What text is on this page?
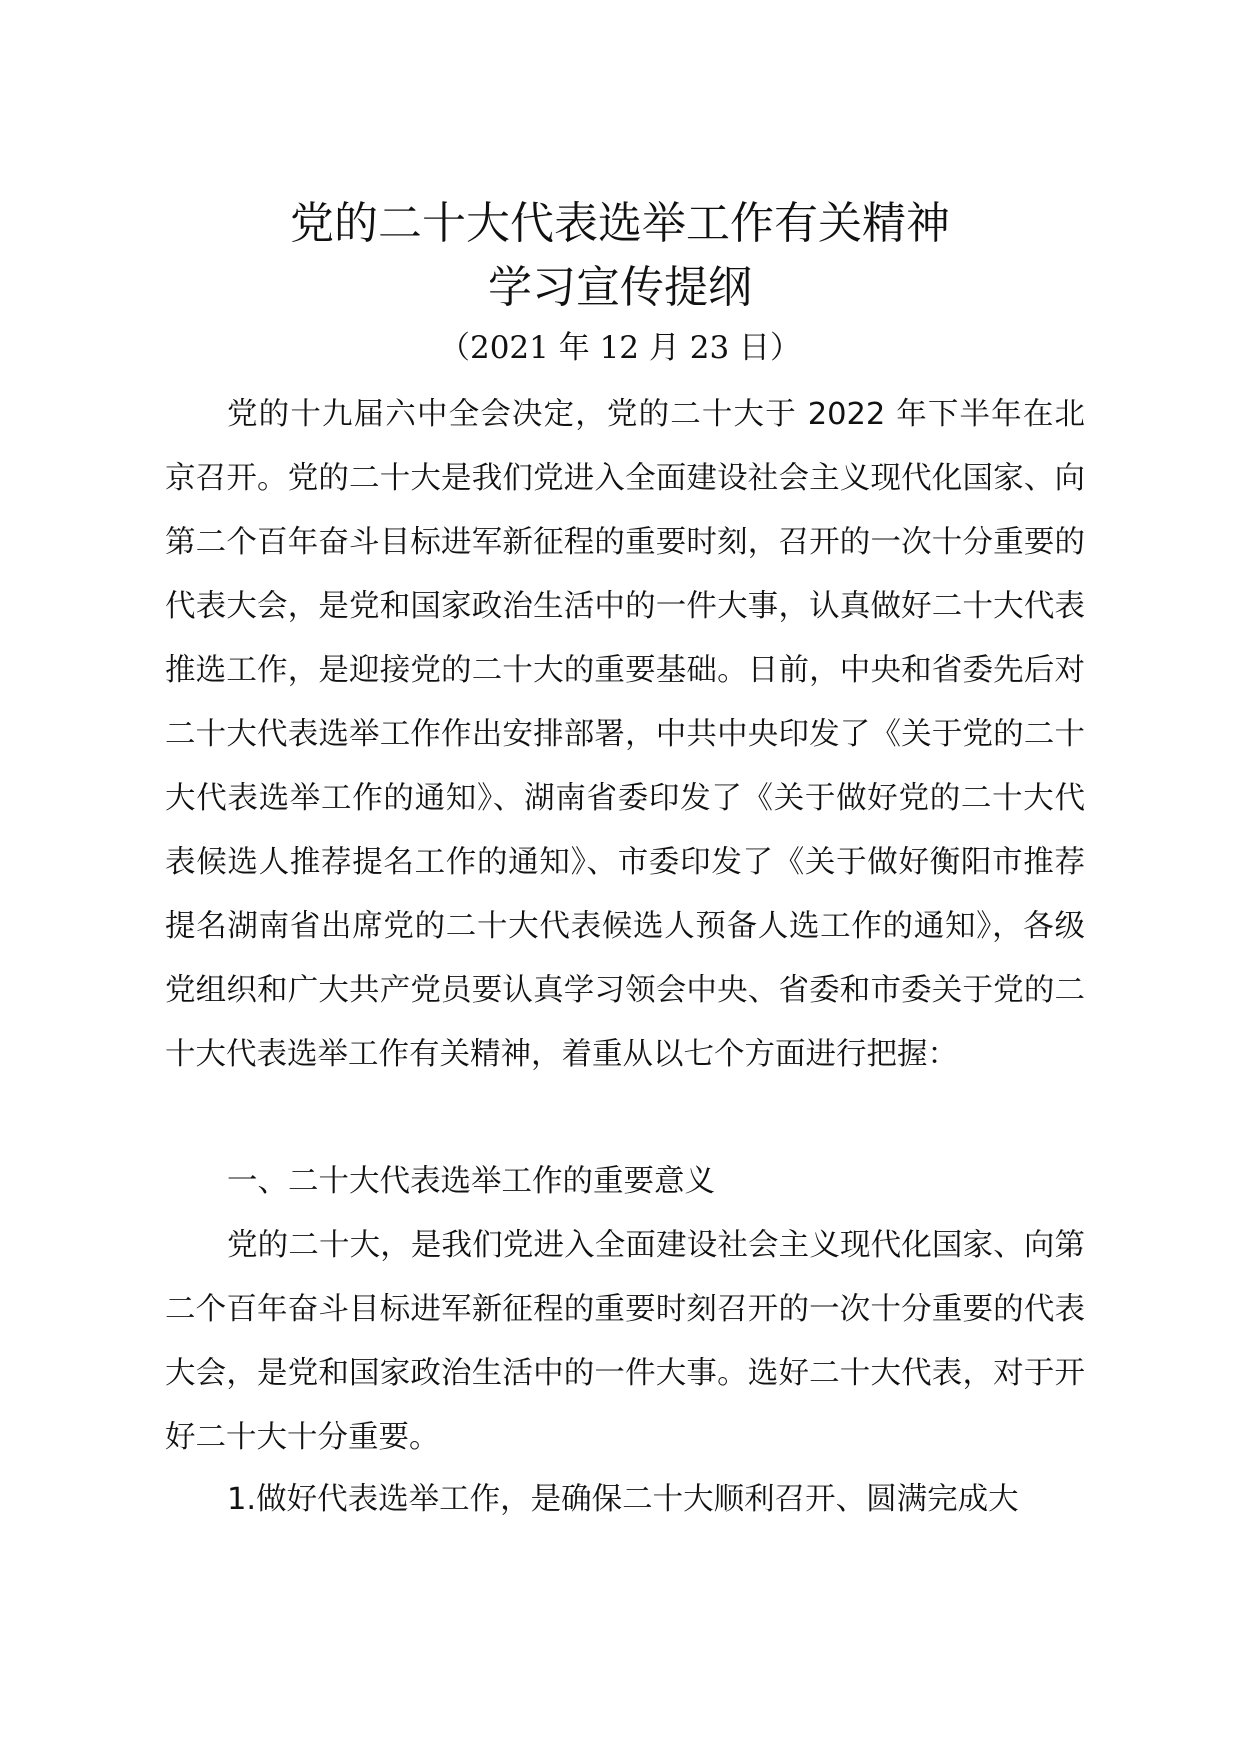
党的二十大代表选举工作有关精神
学习宣传提纲
（2021 年 12 月 23 日）

党的十九届六中全会决定，党的二十大于 2022 年下半年在北京召开。党的二十大是我们党进入全面建设社会主义现代化国家、向第二个百年奋斗目标进军新征程的重要时刻，召开的一次十分重要的代表大会，是党和国家政治生活中的一件大事，认真做好二十大代表推选工作，是迎接党的二十大的重要基础。日前，中央和省委先后对二十大代表选举工作作出安排部署，中共中央印发了《关于党的二十大代表选举工作的通知》、湖南省委印发了《关于做好党的二十大代表候选人推荐提名工作的通知》、市委印发了《关于做好衡阳市推荐提名湖南省出席党的二十大代表候选人预备人选工作的通知》，各级党组织和广大共产党员要认真学习领会中央、省委和市委关于党的二十大代表选举工作有关精神，着重从以七个方面进行把握：

一、二十大代表选举工作的重要意义

党的二十大，是我们党进入全面建设社会主义现代化国家、向第二个百年奋斗目标进军新征程的重要时刻召开的一次十分重要的代表大会，是党和国家政治生活中的一件大事。选好二十大代表，对于开好二十大十分重要。

1.做好代表选举工作，是确保二十大顺利召开、圆满完成大
